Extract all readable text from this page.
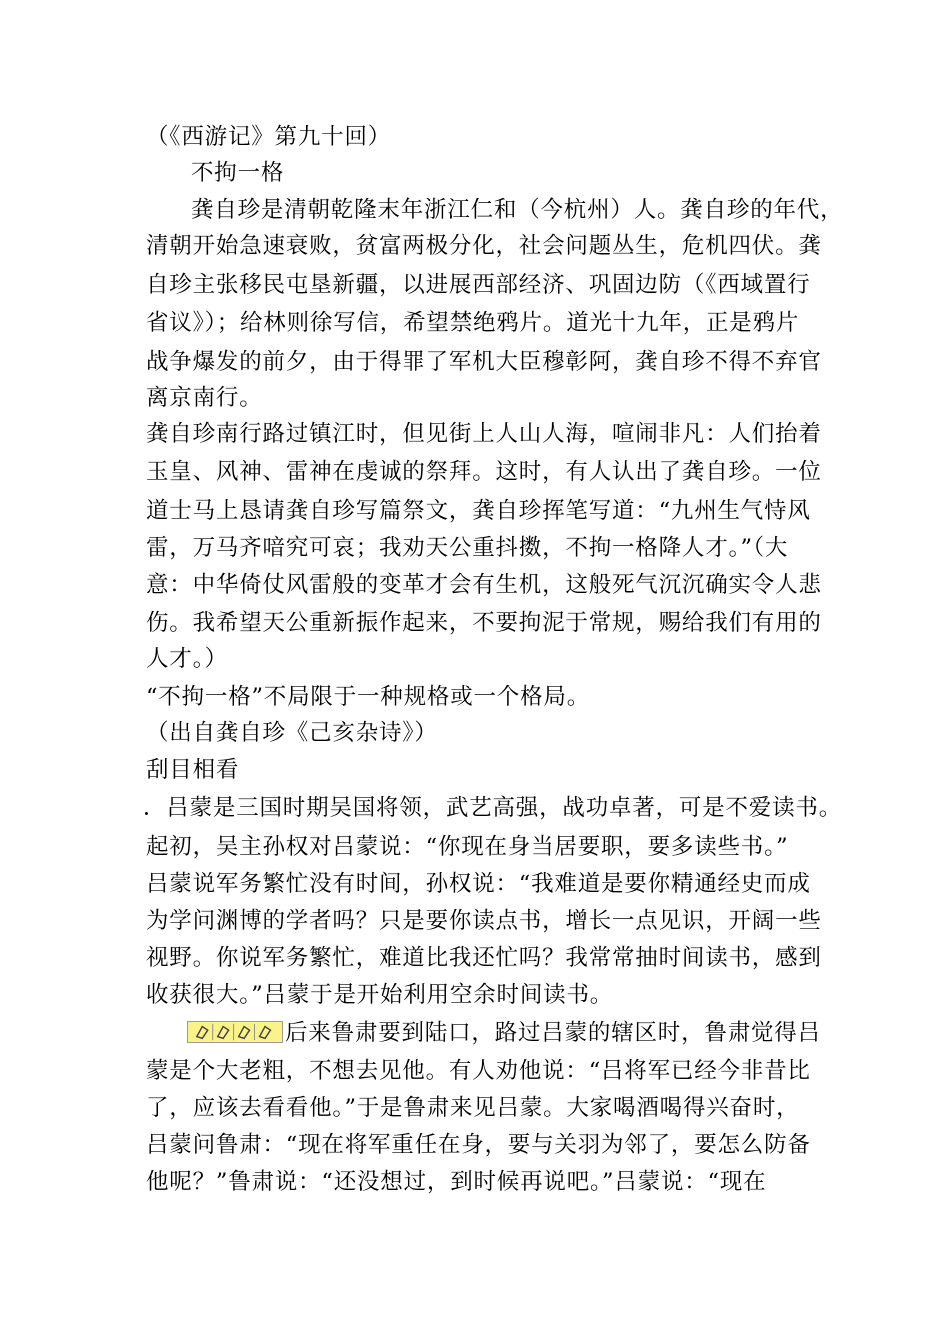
（《西游记》第九十回）
不拘一格
龚自珍是清朝乾隆末年浙江仁和（今杭州）人。龚自珍的年代，
清朝开始急速衰败，贫富两极分化，社会问题丛生，危机四伏。龚
自珍主张移民屯垦新疆，以进展西部经济、巩固边防（《西域置行
省议》）；给林则徐写信，希望禁绝鸦片。道光十九年，正是鸦片
战争爆发的前夕，由于得罪了军机大臣穆彰阿，龚自珍不得不弃官
离京南行。
龚自珍南行路过镇江时，但见街上人山人海，喧闹非凡：人们抬着
玉皇、风神、雷神在虔诚的祭拜。这时，有人认出了龚自珍。一位
道士马上恳请龚自珍写篇祭文，龚自珍挥笔写道：“九州生气恃风
雷，万马齐喑究可哀；我劝天公重抖擞，不拘一格降人才。”（大
意：中华倚仗风雷般的变革才会有生机，这般死气沉沉确实令人悲
伤。我希望天公重新振作起来，不要拘泥于常规，赐给我们有用的
人才。）
“不拘一格”不局限于一种规格或一个格局。
（出自龚自珍《己亥杂诗》）
刮目相看
．吕蒙是三国时期吴国将领，武艺高强，战功卓著，可是不爱读书。
起初，吴主孙权对吕蒙说：“你现在身当居要职，要多读些书。”
吕蒙说军务繁忙没有时间，孙权说：“我难道是要你精通经史而成
为学问渊博的学者吗？只是要你读点书，增长一点见识，开阔一些
视野。你说军务繁忙，难道比我还忙吗？我常常抽时间读书，感到
收获很大。”吕蒙于是开始利用空余时间读书。
后来鲁肃要到陆口，路过吕蒙的辖区时，鲁肃觉得吕
蒙是个大老粗，不想去见他。有人劝他说：“吕将军已经今非昔比
了，应该去看看他。”于是鲁肃来见吕蒙。大家喝酒喝得兴奋时，
吕蒙问鲁肃：“现在将军重任在身，要与关羽为邻了，要怎么防备
他呢？”鲁肃说：“还没想过，到时候再说吧。”吕蒙说：“现在
